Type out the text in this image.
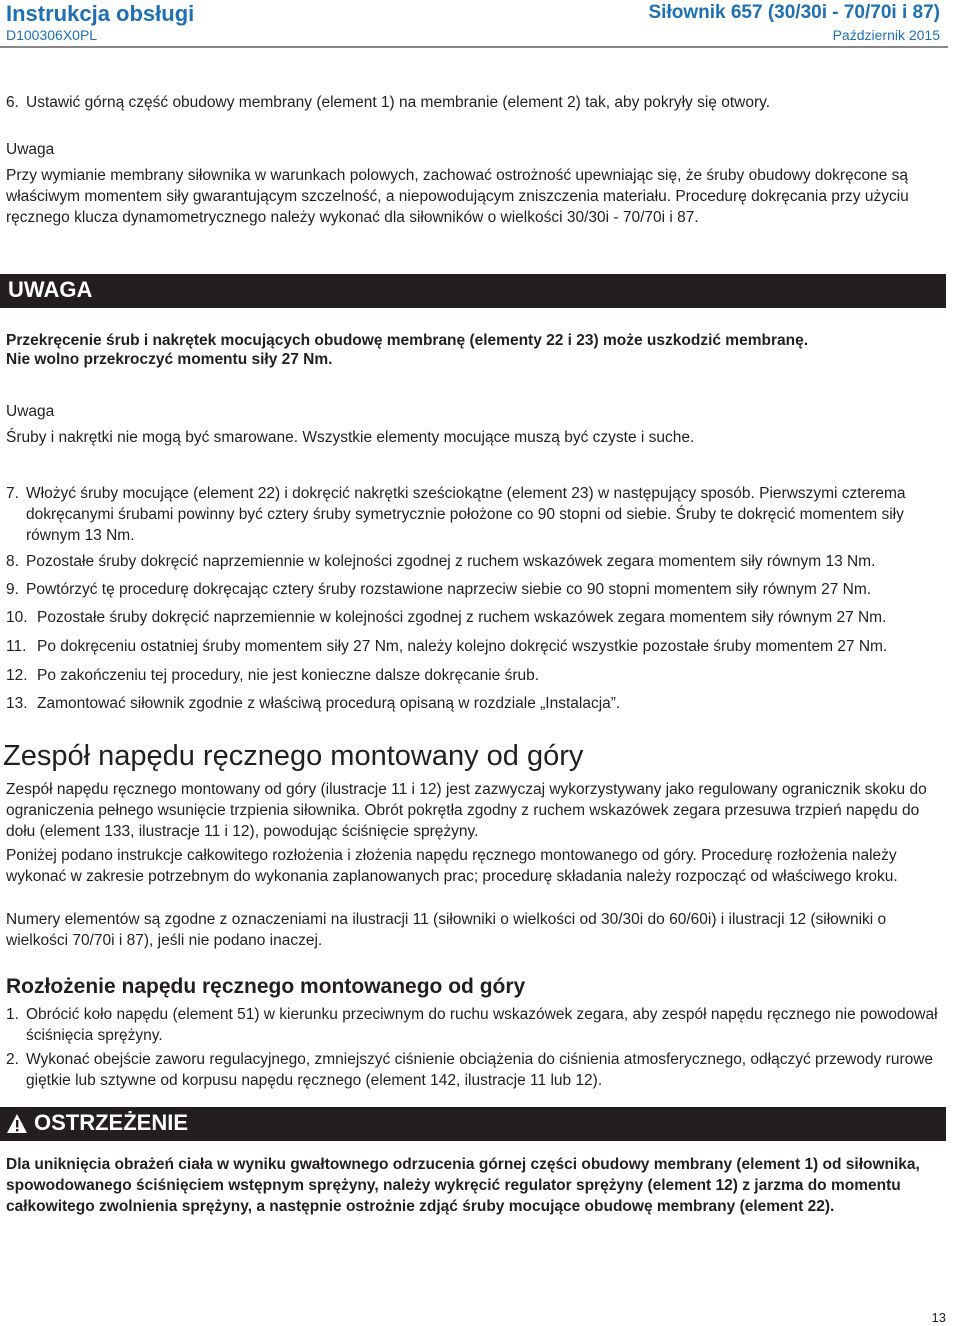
Instrukcja obsługi
D100306X0PL
Siłownik 657 (30/30i - 70/70i i 87)
Październik 2015
6. Ustawić górną część obudowy membrany (element 1) na membranie (element 2) tak, aby pokryły się otwory.

Uwaga

Przy wymianie membrany siłownika w warunkach polowych, zachować ostrożność upewniając się, że śruby obudowy dokręcone są właściwym momentem siły gwarantującym szczelność, a niepowodującym zniszczenia materiału. Procedurę dokręcania przy użyciu ręcznego klucza dynamometrycznego należy wykonać dla siłowników o wielkości 30/30i - 70/70i i 87.

UWAGA

Przekręcenie śrub i nakrętek mocujących obudowę membranę (elementy 22 i 23) może uszkodzić membranę.

Nie wolno przekroczyć momentu siły 27 Nm.

Uwaga

Śruby i nakrętki nie mogą być smarowane. Wszystkie elementy mocujące muszą być czyste i suche.

7. Włożyć śruby mocujące (element 22) i dokręcić nakrętki sześciokątne (element 23) w następujący sposób. Pierwszymi czterema dokręcanymi śrubami powinny być cztery śruby symetrycznie położone co 90 stopni od siebie. Śruby te dokręcić momentem siły równym 13 Nm.

8. Pozostałe śruby dokręcić naprzemiennie w kolejności zgodnej z ruchem wskazówek zegara momentem siły równym 13 Nm.

9. Powtórzyć tę procedurę dokręcając cztery śruby rozstawione naprzeciw siebie co 90 stopni momentem siły równym 27 Nm.

10. Pozostałe śruby dokręcić naprzemiennie w kolejności zgodnej z ruchem wskazówek zegara momentem siły równym 27 Nm.

11. Po dokręceniu ostatniej śruby momentem siły 27 Nm, należy kolejno dokręcić wszystkie pozostałe śruby momentem 27 Nm.

12. Po zakończeniu tej procedury, nie jest konieczne dalsze dokręcanie śrub.

13. Zamontować siłownik zgodnie z właściwą procedurą opisaną w rozdziale „Instalacja”.

Zespół napędu ręcznego montowany od góry

Zespół napędu ręcznego montowany od góry (ilustracje 11 i 12) jest zazwyczaj wykorzystywany jako regulowany ogranicznik skoku do ograniczenia pełnego wsunięcie trzpienia siłownika. Obrót pokrętła zgodny z ruchem wskazówek zegara przesuwa trzpień napędu do dołu (element 133, ilustracje 11 i 12), powodując ściśnięcie sprężyny.

Poniżej podano instrukcje całkowitego rozłożenia i złożenia napędu ręcznego montowanego od góry. Procedurę rozłożenia należy wykonać w zakresie potrzebnym do wykonania zaplanowanych prac; procedurę składania należy rozpocząć od właściwego kroku.

Numery elementów są zgodne z oznaczeniami na ilustracji 11 (siłowniki o wielkości od 30/30i do 60/60i) i ilustracji 12 (siłowniki o wielkości 70/70i i 87), jeśli nie podano inaczej.

Rozłożenie napędu ręcznego montowanego od góry
1. Obrócić koło napędu (element 51) w kierunku przeciwnym do ruchu wskazówek zegara, aby zespół napędu ręcznego nie powodował ściśnięcia sprężyny.

2. Wykonać obejście zaworu regulacyjnego, zmniejszyć ciśnienie obciążenia do ciśnienia atmosferycznego, odłączyć przewody rurowe giętkie lub sztywne od korpusu napędu ręcznego (element 142, ilustracje 11 lub 12).

OSTRZEŻENIE

Dla uniknięcia obrażeń ciała w wyniku gwałtownego odrzucenia górnej części obudowy membrany (element 1) od siłownika, spowodowanego ściśnięciem wstępnym sprężyny, należy wykręcić regulator sprężyny (element 12) z jarzma do momentu całkowitego zwolnienia sprężyny, a następnie ostrożnie zdjąć śruby mocujące obudowę membrany (element 22).

13
